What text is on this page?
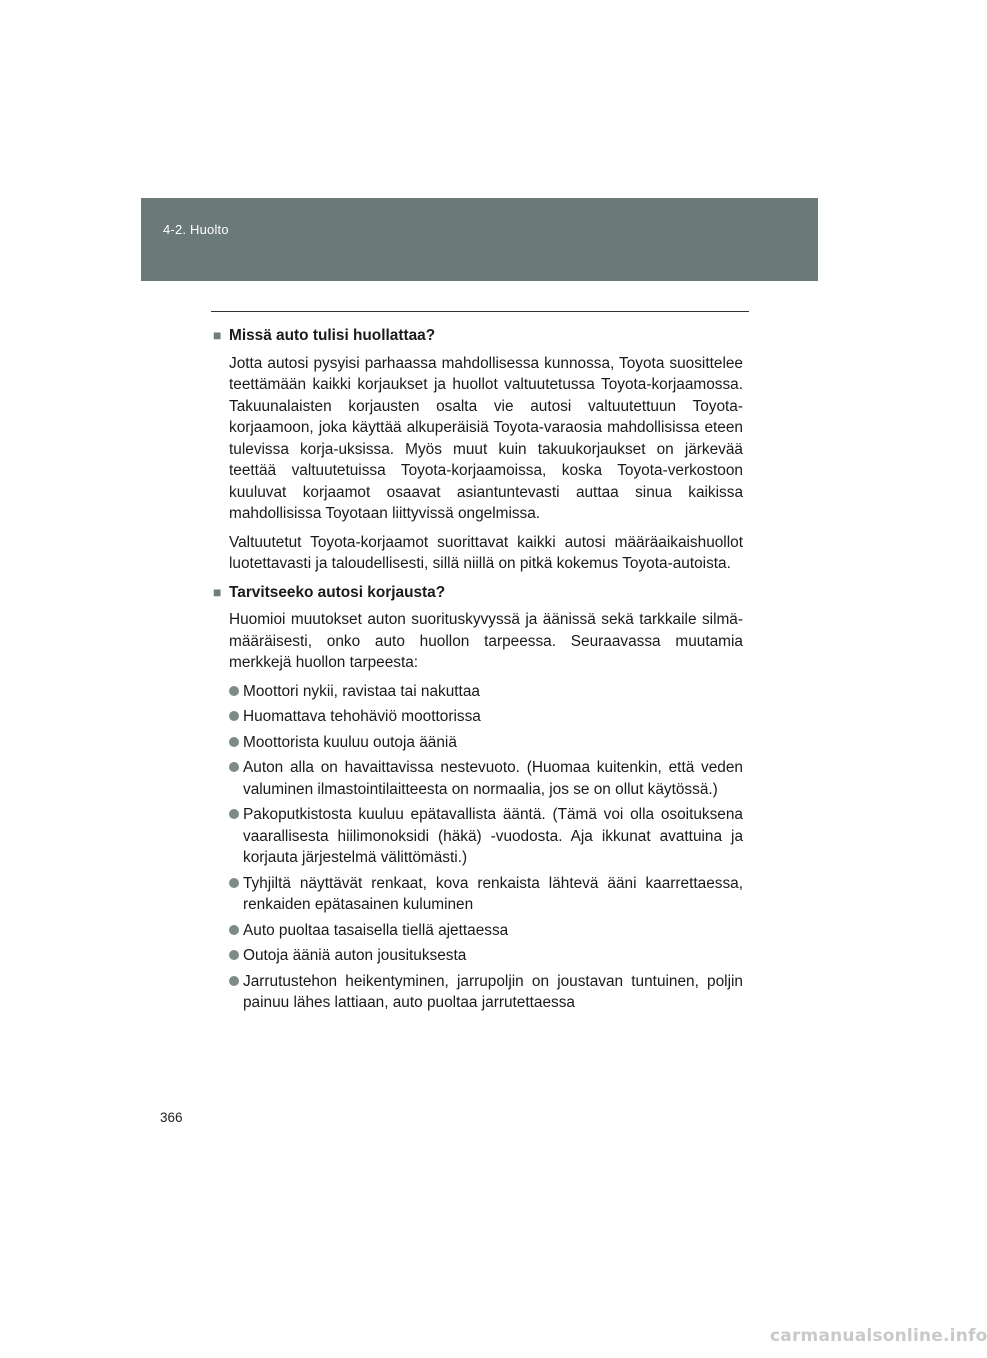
4-2. Huolto
■ Missä auto tulisi huollattaa?

Jotta autosi pysyisi parhaassa mahdollisessa kunnossa, Toyota suosittelee teettämään kaikki korjaukset ja huollot valtuutetussa Toyota-korjaamossa. Takuunalaisten korjausten osalta vie autosi valtuutettuun Toyota-korjaamoon, joka käyttää alkuperäisiä Toyota-varaosia mahdollisissa eteen tulevissa korja-uksissa. Myös muut kuin takuukorjaukset on järkevää teettää valtuutetuissa Toyota-korjaamoissa, koska Toyota-verkostoon kuuluvat korjaamot osaavat asiantuntevasti auttaa sinua kaikissa mahdollisissa Toyotaan liittyvissä ongelmissa.

Valtuutetut Toyota-korjaamot suorittavat kaikki autosi määräaikaishuollot luotettavasti ja taloudellisesti, sillä niillä on pitkä kokemus Toyota-autoista.

■ Tarvitseeko autosi korjausta?

Huomioi muutokset auton suorituskyvyssä ja äänissä sekä tarkkaile silmä-määräisesti, onko auto huollon tarpeessa. Seuraavassa muutamia merkkejä huollon tarpeesta:

Moottori nykii, ravistaa tai nakuttaa
Huomattava tehohäviö moottorissa
Moottorista kuuluu outoja ääniä
Auton alla on havaittavissa nestevuoto. (Huomaa kuitenkin, että veden valuminen ilmastointilaitteesta on normaalia, jos se on ollut käytössä.)
Pakoputkistosta kuuluu epätavallista ääntä. (Tämä voi olla osoituksena vaarallisesta hiilimonoksidi (häkä) -vuodosta. Ajа ikkunat avattuina ja korjauta järjestelmä välittömästi.)
Tyhjiltä näyttävät renkaat, kova renkaista lähtevä ääni kaarrettaessa, renkaiden epätasainen kuluminen
Auto puoltaa tasaisella tiellä ajettaessa
Outoja ääniä auton jousituksesta
Jarrutustehon heikentyminen, jarrupoljin on joustavan tuntuinen, poljin painuu lähes lattiaan, auto puoltaa jarrutettaessa
366
carmanualsonline.info
